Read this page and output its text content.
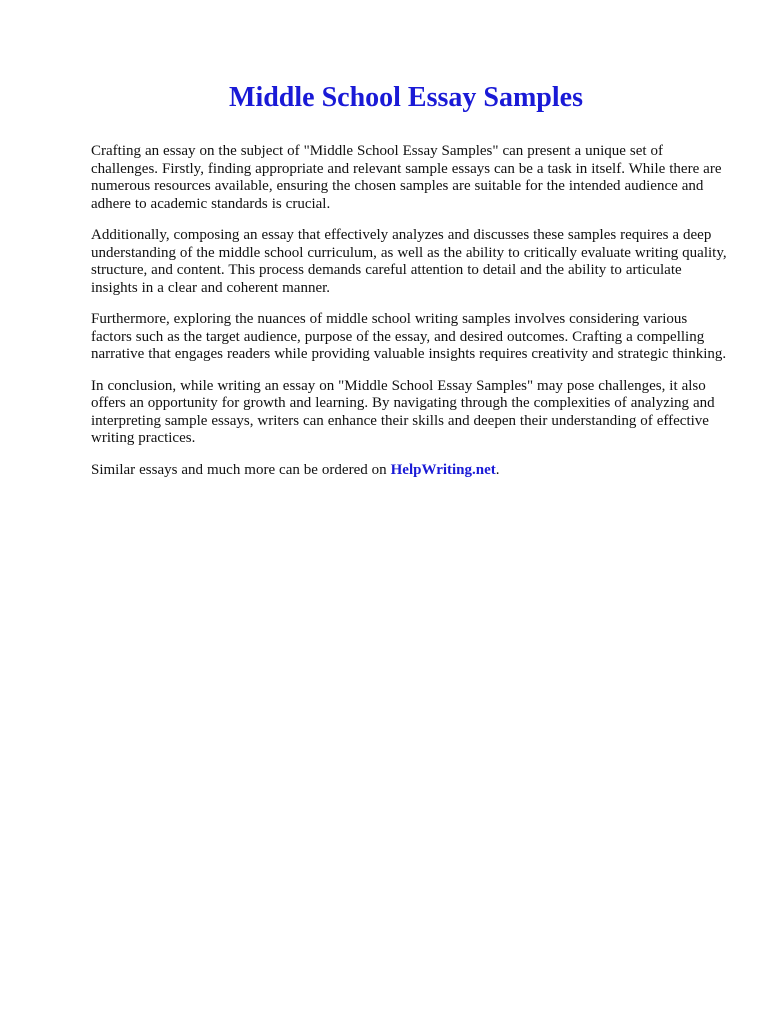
Middle School Essay Samples

Crafting an essay on the subject of "Middle School Essay Samples" can present a unique set of challenges. Firstly, finding appropriate and relevant sample essays can be a task in itself. While there are numerous resources available, ensuring the chosen samples are suitable for the intended audience and adhere to academic standards is crucial.

Additionally, composing an essay that effectively analyzes and discusses these samples requires a deep understanding of the middle school curriculum, as well as the ability to critically evaluate writing quality, structure, and content. This process demands careful attention to detail and the ability to articulate insights in a clear and coherent manner.

Furthermore, exploring the nuances of middle school writing samples involves considering various factors such as the target audience, purpose of the essay, and desired outcomes. Crafting a compelling narrative that engages readers while providing valuable insights requires creativity and strategic thinking.

In conclusion, while writing an essay on "Middle School Essay Samples" may pose challenges, it also offers an opportunity for growth and learning. By navigating through the complexities of analyzing and interpreting sample essays, writers can enhance their skills and deepen their understanding of effective writing practices.

Similar essays and much more can be ordered on HelpWriting.net.
